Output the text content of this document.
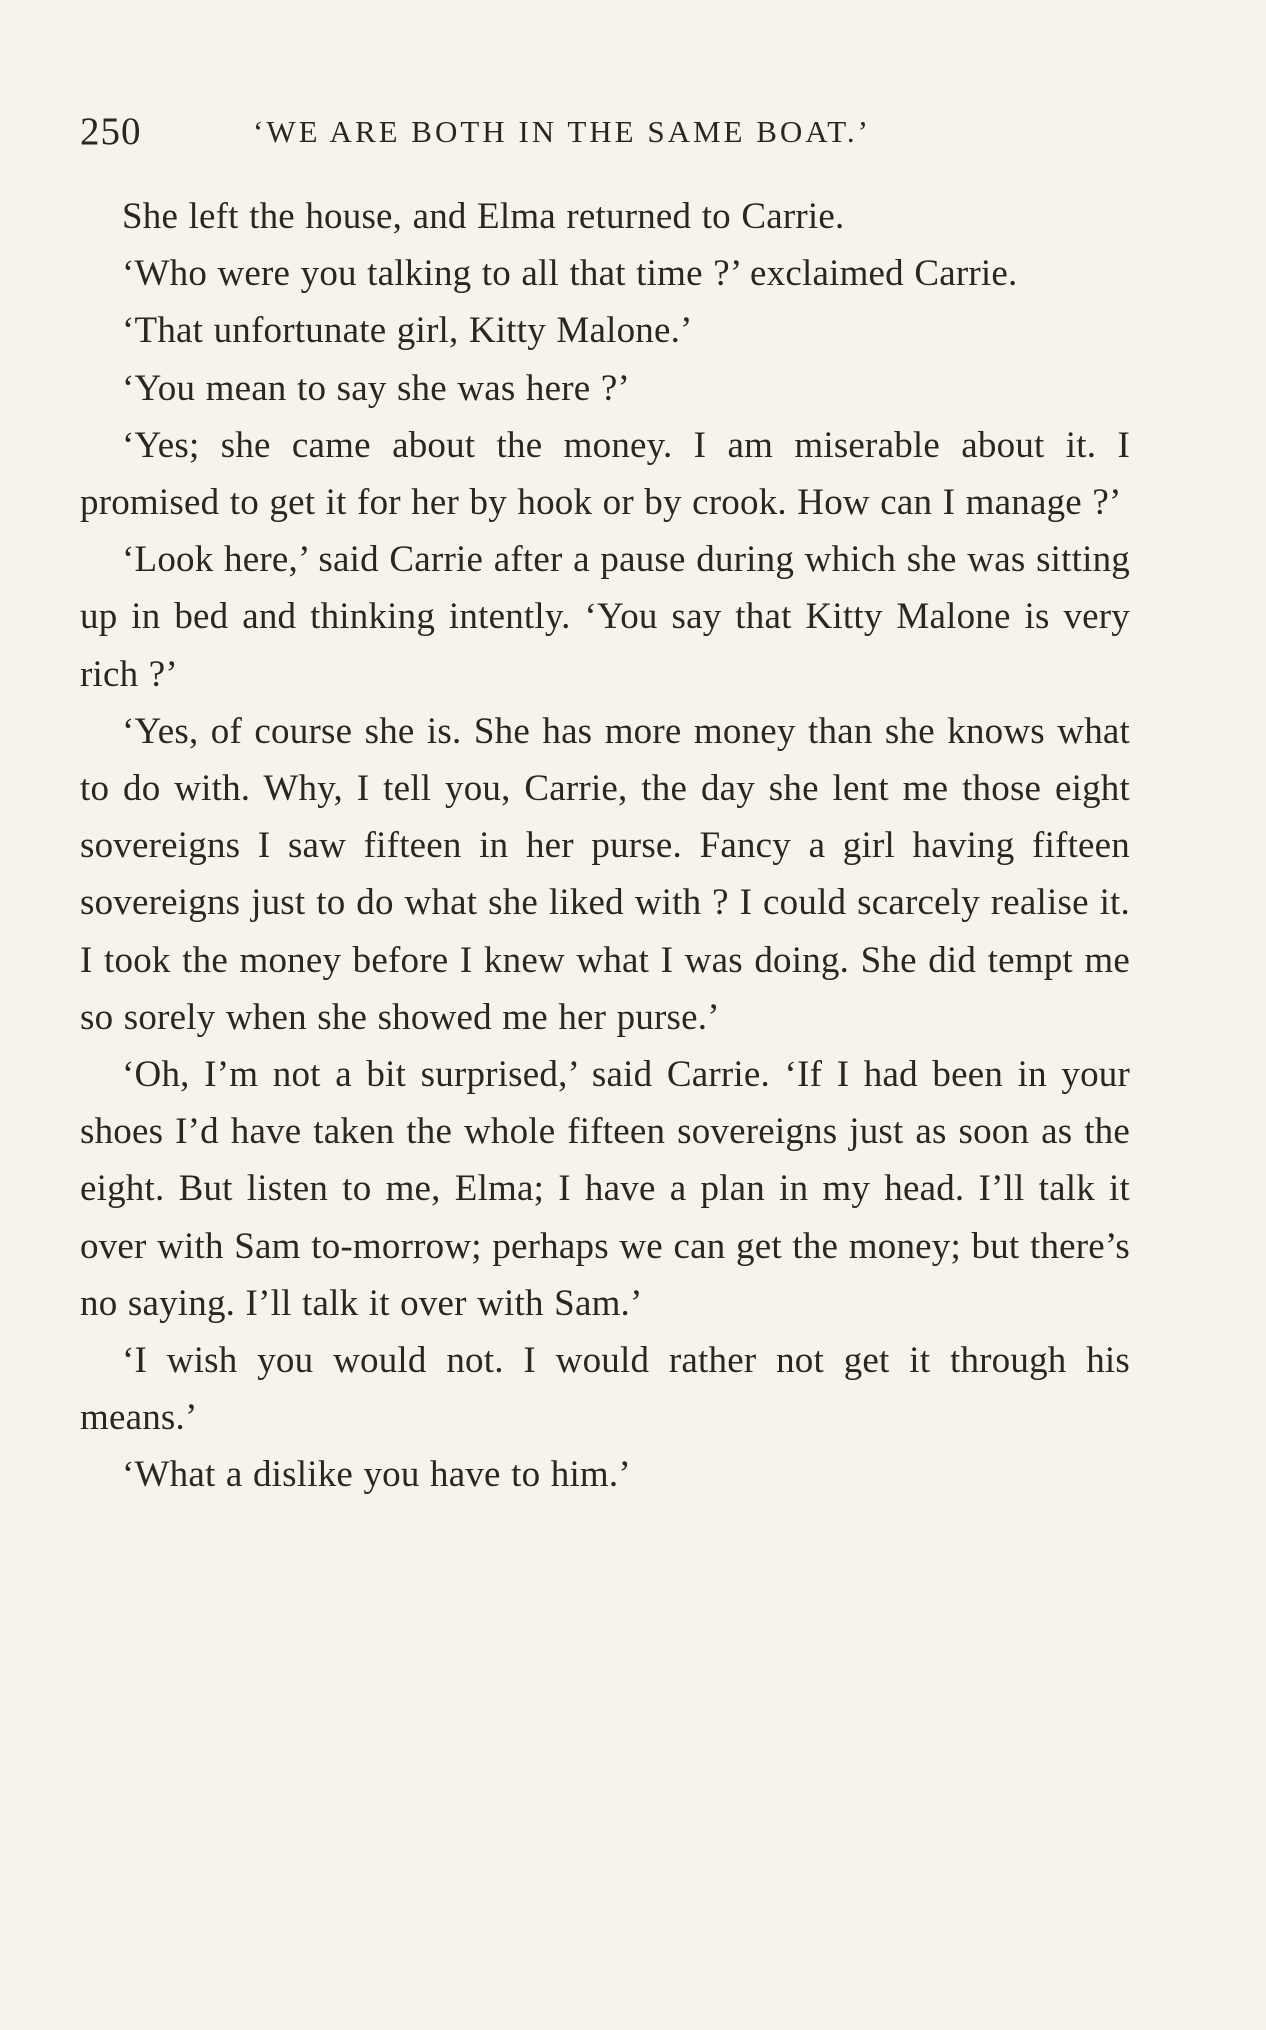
250	‘WE ARE BOTH IN THE SAME BOAT.’

She left the house, and Elma returned to Carrie.

‘Who were you talking to all that time ?’ exclaimed Carrie.

‘That unfortunate girl, Kitty Malone.’

‘You mean to say she was here ?’

‘Yes; she came about the money. I am miserable about it. I promised to get it for her by hook or by crook. How can I manage ?’

‘Look here,’ said Carrie after a pause during which she was sitting up in bed and thinking intently. ‘You say that Kitty Malone is very rich ?’

‘Yes, of course she is. She has more money than she knows what to do with. Why, I tell you, Carrie, the day she lent me those eight sovereigns I saw fifteen in her purse. Fancy a girl having fifteen sovereigns just to do what she liked with ? I could scarcely realise it. I took the money before I knew what I was doing. She did tempt me so sorely when she showed me her purse.’

‘Oh, I’m not a bit surprised,’ said Carrie. ‘If I had been in your shoes I’d have taken the whole fifteen sovereigns just as soon as the eight. But listen to me, Elma; I have a plan in my head. I’ll talk it over with Sam to-morrow; perhaps we can get the money; but there’s no saying. I’ll talk it over with Sam.’

‘I wish you would not. I would rather not get it through his means.’

‘What a dislike you have to him.’
